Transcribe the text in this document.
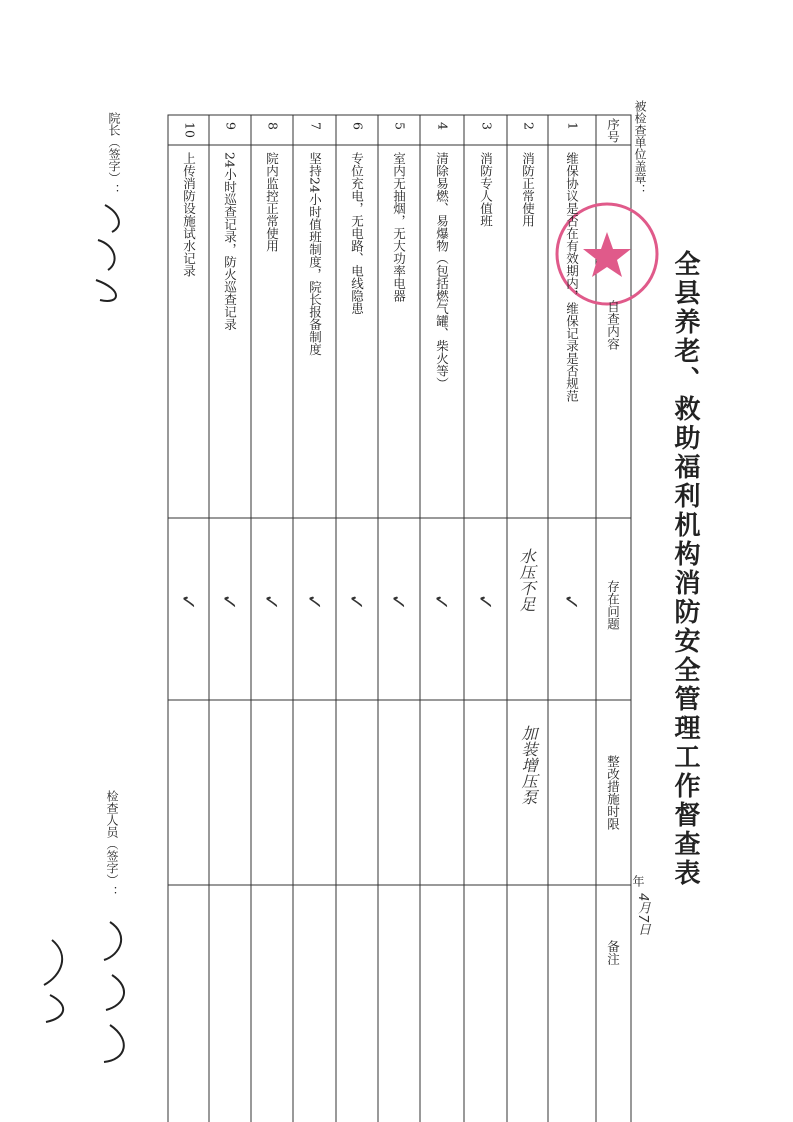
全县养老、救助福利机构消防安全管理工作督查表
被检查单位盖章：
年
4月7日
院长（签字）：
检查人员（签字）：
序号
自查内容
存在问题
整改措施时限
备注
1
维保协议是否在有效期内，维保记录是否规范
✓
2
消防正常使用
3
消防专人值班
✓
4
清除易燃、易爆物（包括燃气罐、柴火等）
✓
5
室内无抽烟，无大功率电器
✓
6
专位充电，无电路、电线隐患
✓
7
坚持24小时值班制度，院长报备制度
✓
8
院内监控正常使用
✓
9
24小时巡查记录，防火巡查记录
✓
10
上传消防设施试水记录
✓	水压不足
加装增压泵
